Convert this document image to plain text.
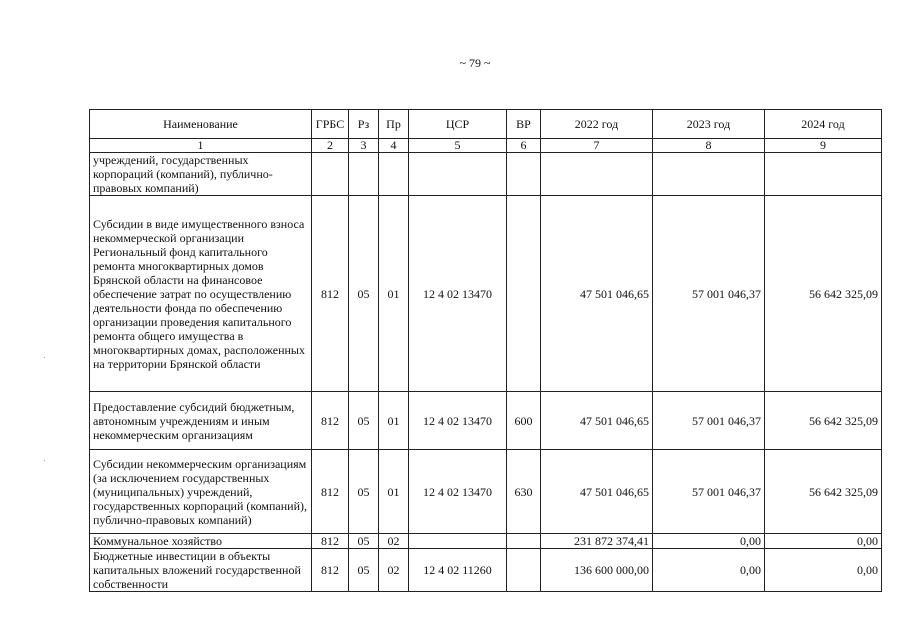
~ 79 ~
Наименование	ГРБС	Рз	Пр	ЦСР	ВР	2022 год	2023 год	2024 год
1	2	3	4	5	6	7	8	9
учреждений, государственных корпораций (компаний), публично-правовых компаний)								
Субсидии в виде имущественного взноса некоммерческой организации Региональный фонд капитального ремонта многоквартирных домов Брянской области на финансовое обеспечение затрат по осуществлению деятельности фонда по обеспечению организации проведения капитального ремонта общего имущества в многоквартирных домах, расположенных на территории Брянской области	812	05	01	12 4 02 13470		47 501 046,65	57 001 046,37	56 642 325,09
Предоставление субсидий бюджетным, автономным учреждениям и иным некоммерческим организациям	812	05	01	12 4 02 13470	600	47 501 046,65	57 001 046,37	56 642 325,09
Субсидии некоммерческим организациям (за исключением государственных (муниципальных) учреждений, государственных корпораций (компаний), публично-правовых компаний)	812	05	01	12 4 02 13470	630	47 501 046,65	57 001 046,37	56 642 325,09
Коммунальное хозяйство	812	05	02			231 872 374,41	0,00	0,00
Бюджетные инвестиции в объекты капитальных вложений государственной собственности	812	05	02	12 4 02 11260		136 600 000,00	0,00	0,00
